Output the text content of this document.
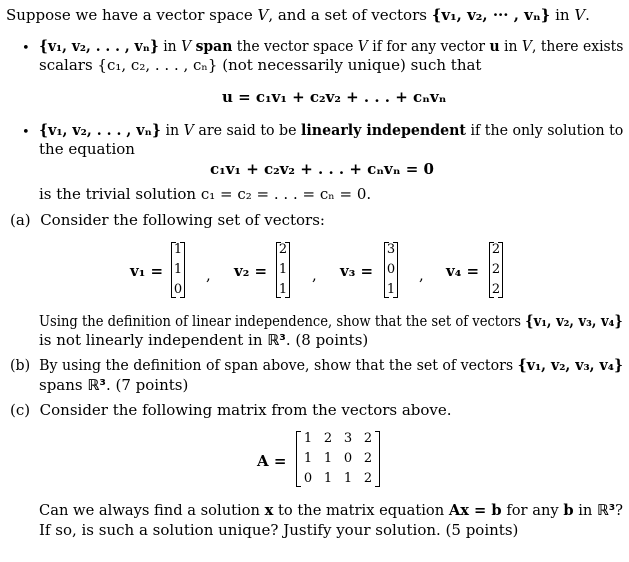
Suppose we have a vector space V, and a set of vectors {v₁, v₂, ··· , vₙ} in V.
• {v₁, v₂, . . . , vₙ} in V span the vector space V if for any vector u in V, there exists
scalars {c₁, c₂, . . . , cₙ} (not necessarily unique) such that
u = c₁v₁ + c₂v₂ + . . . + cₙvₙ
• {v₁, v₂, . . . , vₙ} in V are said to be linearly independent if the only solution to
the equation
c₁v₁ + c₂v₂ + . . . + cₙvₙ = 0
is the trivial solution c₁ = c₂ = . . . = cₙ = 0.
(a) Consider the following set of vectors:
v₁ =
1
1
0
, v₂ =
2
1
1
, v₃ =
3
0
1
, v₄ =
2
2
2
Using the definition of linear independence, show that the set of vectors {v₁, v₂, v₃, v₄}
is not linearly independent in ℝ³. (8 points)
(b) By using the definition of span above, show that the set of vectors {v₁, v₂, v₃, v₄}
spans ℝ³. (7 points)
(c) Consider the following matrix from the vectors above.
A =
1 2 3 2
1 1 0 2
0 1 1 2
Can we always find a solution x to the matrix equation Ax = b for any b in ℝ³?
If so, is such a solution unique? Justify your solution. (5 points)
